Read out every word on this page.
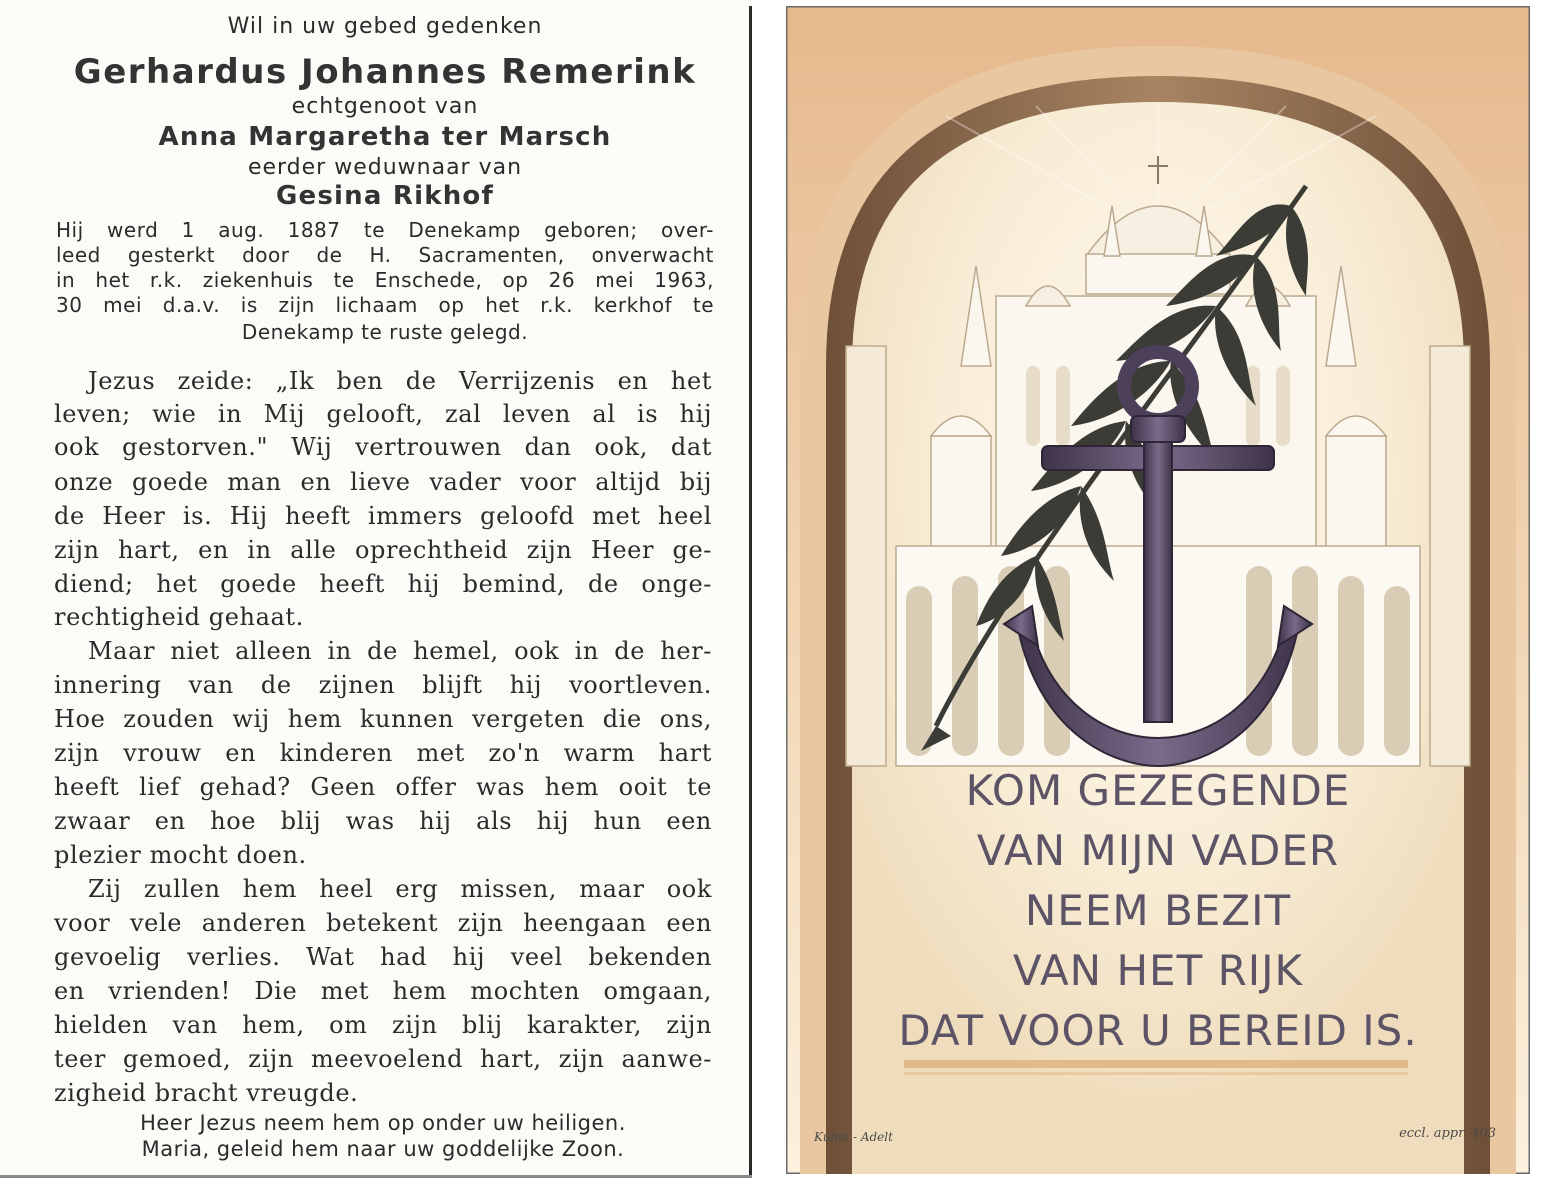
Wil in uw gebed gedenken
Gerhardus Johannes Remerink
echtgenoot van
Anna Margaretha ter Marsch
eerder weduwnaar van
Gesina Rikhof
Hij werd 1 aug. 1887 te Denekamp geboren; over-
leed gesterkt door de H. Sacramenten, onverwacht
in het r.k. ziekenhuis te Enschede, op 26 mei 1963,
30 mei d.a.v. is zijn lichaam op het r.k. kerkhof te
Denekamp te ruste gelegd.
Jezus zeide: „Ik ben de Verrijzenis en het
leven; wie in Mij gelooft, zal leven al is hij
ook gestorven." Wij vertrouwen dan ook, dat
onze goede man en lieve vader voor altijd bij
de Heer is. Hij heeft immers geloofd met heel
zijn hart, en in alle oprechtheid zijn Heer ge-
diend; het goede heeft hij bemind, de onge-
rechtigheid gehaat.
Maar niet alleen in de hemel, ook in de her-
innering van de zijnen blijft hij voortleven.
Hoe zouden wij hem kunnen vergeten die ons,
zijn vrouw en kinderen met zo'n warm hart
heeft lief gehad? Geen offer was hem ooit te
zwaar en hoe blij was hij als hij hun een
plezier mocht doen.
Zij zullen hem heel erg missen, maar ook
voor vele anderen betekent zijn heengaan een
gevoelig verlies. Wat had hij veel bekenden
en vrienden! Die met hem mochten omgaan,
hielden van hem, om zijn blij karakter, zijn
teer gemoed, zijn meevoelend hart, zijn aanwe-
zigheid bracht vreugde.
Heer Jezus neem hem op onder uw heiligen.
Maria, geleid hem naar uw goddelijke Zoon.
KOM GEZEGENDE
VAN MIJN VADER
NEEM BEZIT
VAN HET RIJK
DAT VOOR U BEREID IS.
Kunst - Adelt	eccl. appr. 403
